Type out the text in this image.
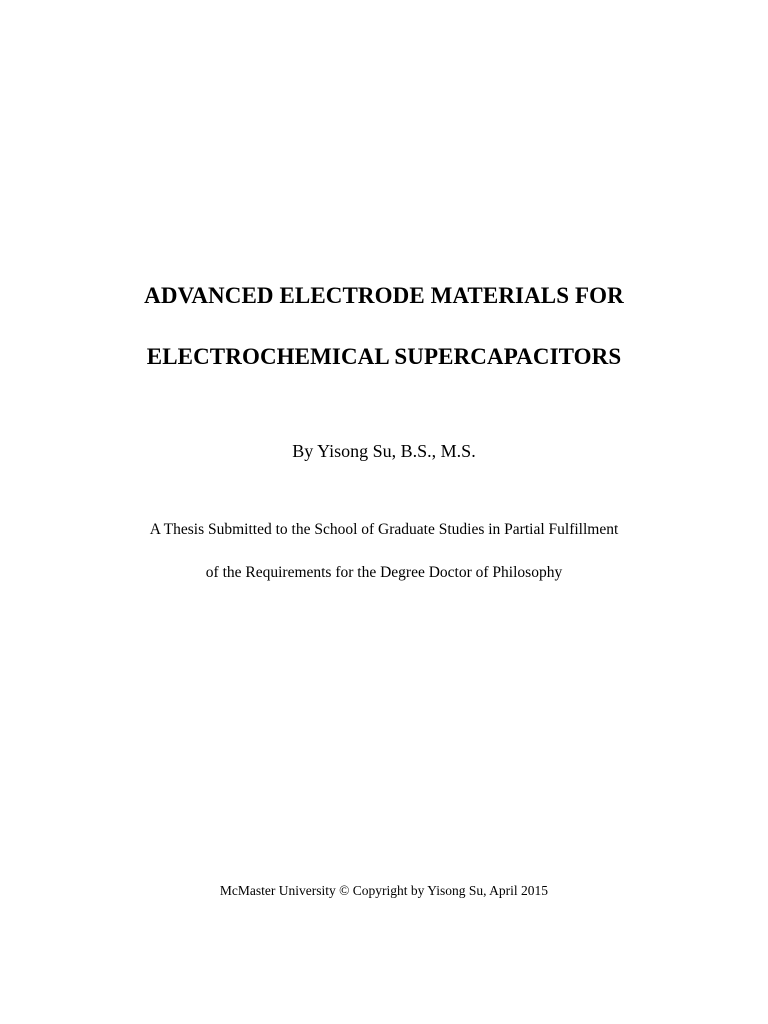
ADVANCED ELECTRODE MATERIALS FOR
ELECTROCHEMICAL SUPERCAPACITORS
By Yisong Su, B.S., M.S.
A Thesis Submitted to the School of Graduate Studies in Partial Fulfillment
of the Requirements for the Degree Doctor of Philosophy
McMaster University © Copyright by Yisong Su, April 2015
